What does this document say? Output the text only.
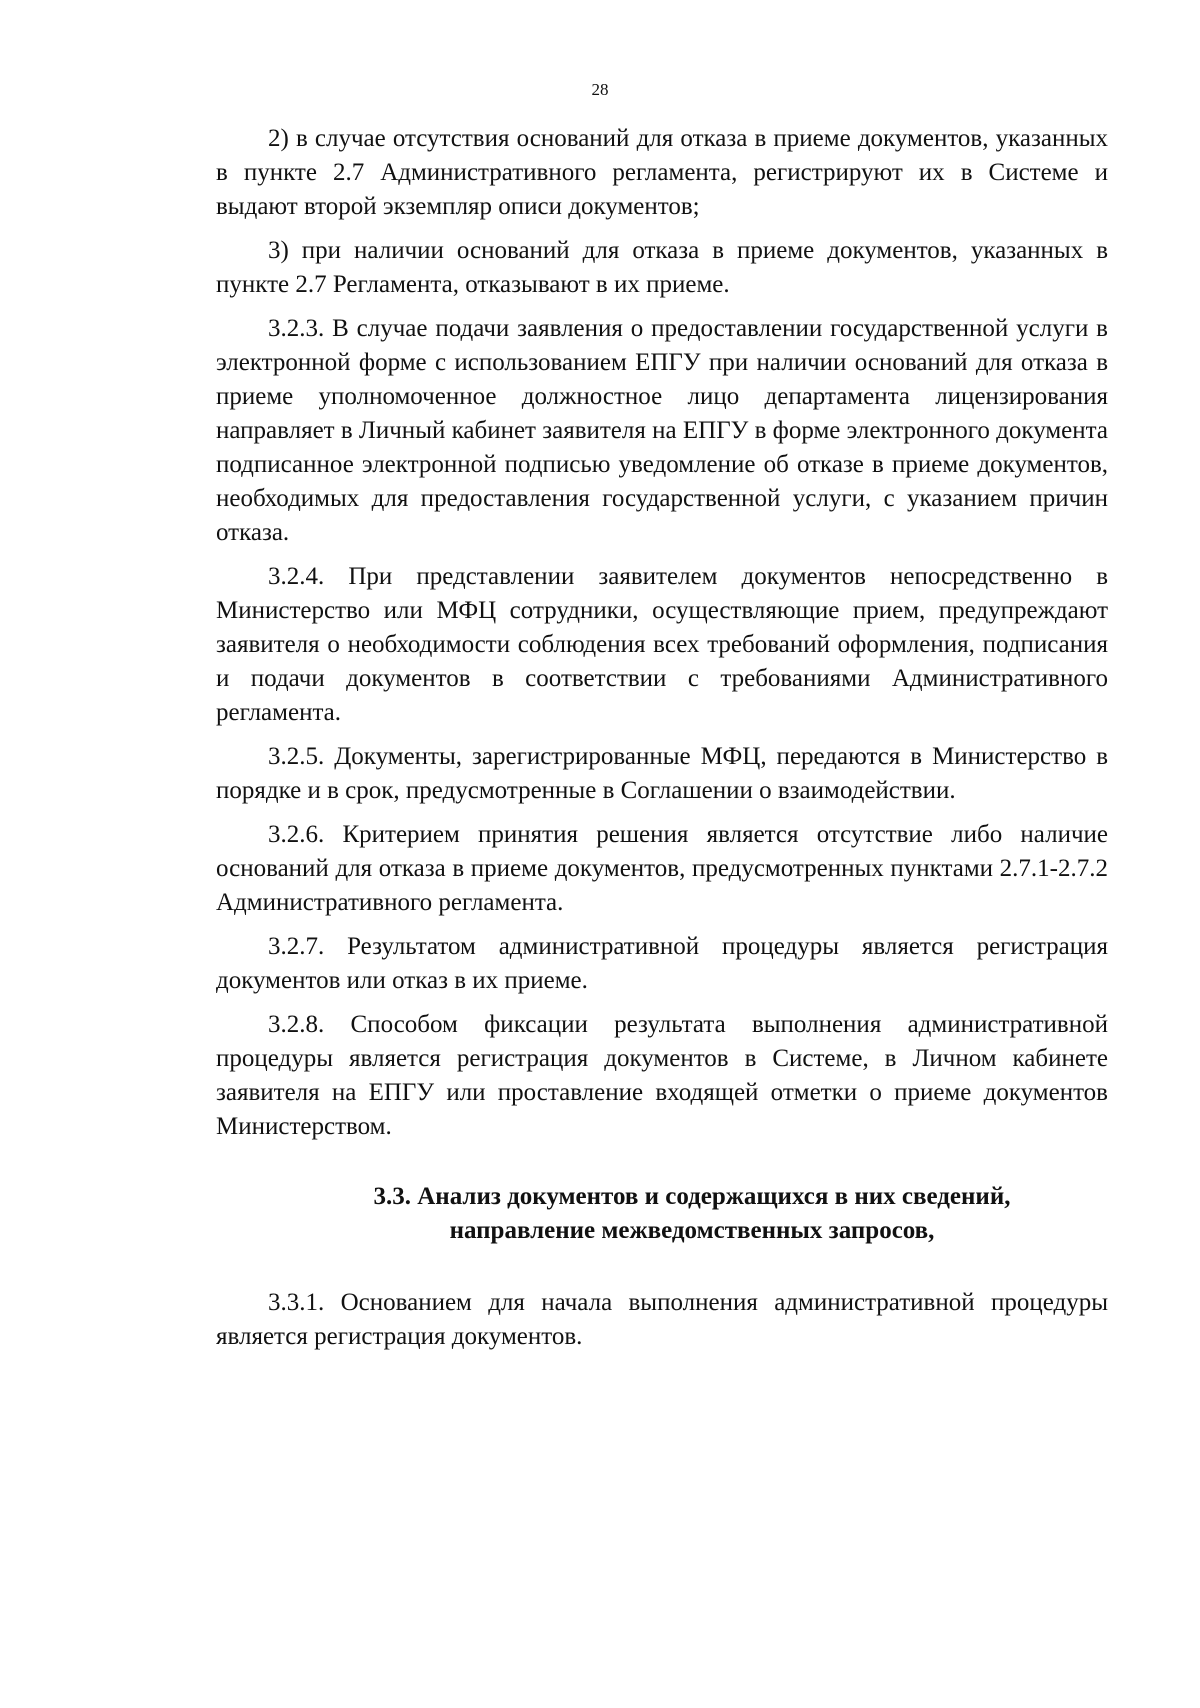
28

2) в случае отсутствия оснований для отказа в приеме документов, указанных в пункте 2.7 Административного регламента, регистрируют их в Системе и выдают второй экземпляр описи документов;

3) при наличии оснований для отказа в приеме документов, указанных в пункте 2.7 Регламента, отказывают в их приеме.

3.2.3. В случае подачи заявления о предоставлении государственной услуги в электронной форме с использованием ЕПГУ при наличии оснований для отказа в приеме уполномоченное должностное лицо департамента лицензирования направляет в Личный кабинет заявителя на ЕПГУ в форме электронного документа подписанное электронной подписью уведомление об отказе в приеме документов, необходимых для предоставления государственной услуги, с указанием причин отказа.

3.2.4. При представлении заявителем документов непосредственно в Министерство или МФЦ сотрудники, осуществляющие прием, предупреждают заявителя о необходимости соблюдения всех требований оформления, подписания и подачи документов в соответствии с требованиями Административного регламента.

3.2.5. Документы, зарегистрированные МФЦ, передаются в Министерство в порядке и в срок, предусмотренные в Соглашении о взаимодействии.

3.2.6. Критерием принятия решения является отсутствие либо наличие оснований для отказа в приеме документов, предусмотренных пунктами 2.7.1-2.7.2 Административного регламента.

3.2.7. Результатом административной процедуры является регистрация документов или отказ в их приеме.

3.2.8. Способом фиксации результата выполнения административной процедуры является регистрация документов в Системе, в Личном кабинете заявителя на ЕПГУ или проставление входящей отметки о приеме документов Министерством.

3.3. Анализ документов и содержащихся в них сведений,
направление межведомственных запросов,

3.3.1. Основанием для начала выполнения административной процедуры является регистрация документов.
